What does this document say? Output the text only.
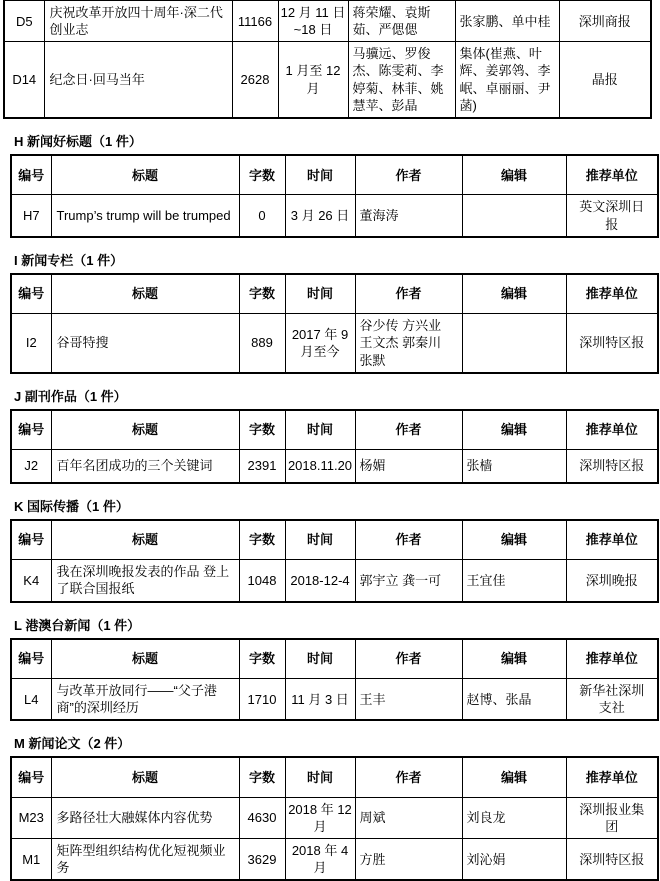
D5	庆祝改革开放四十周年·深二代创业志	11166	12 月 11 日~18 日	蒋荣耀、袁斯茹、严偲偲	张家鹏、单中桂	深圳商报
D14	纪念日·回马当年	2628	1 月至 12 月	马骥远、罗俊杰、陈雯莉、李婷菊、林菲、姚慧苹、彭晶	集体(崔燕、叶辉、姜郭鸰、李岷、卓丽丽、尹菡)	晶报
H 新闻好标题（1 件）
编号	标题	字数	时间	作者	编辑	推荐单位
H7	Trump’s trump will be trumped	0	3 月 26 日	董海涛		英文深圳日报
I 新闻专栏（1 件）
编号	标题	字数	时间	作者	编辑	推荐单位
I2	谷哥特搜	889	2017 年 9 月至今	谷少传 方兴业 王文杰 郭秦川 张默		深圳特区报
J 副刊作品（1 件）
编号	标题	字数	时间	作者	编辑	推荐单位
J2	百年名团成功的三个关键词	2391	2018.11.20	杨媚	张樯	深圳特区报
K 国际传播（1 件）
编号	标题	字数	时间	作者	编辑	推荐单位
K4	我在深圳晚报发表的作品 登上了联合国报纸	1048	2018-12-4	郭宇立 龚一可	王宜佳	深圳晚报
L 港澳台新闻（1 件）
编号	标题	字数	时间	作者	编辑	推荐单位
L4	与改革开放同行——“父子港商”的深圳经历	1710	11 月 3 日	王丰	赵博、张晶	新华社深圳支社
M 新闻论文（2 件）
编号	标题	字数	时间	作者	编辑	推荐单位
M23	多路径壮大融媒体内容优势	4630	2018 年 12 月	周斌	刘良龙	深圳报业集团
M1	矩阵型组织结构优化短视频业务	3629	2018 年 4 月	方胜	刘沁娟	深圳特区报
